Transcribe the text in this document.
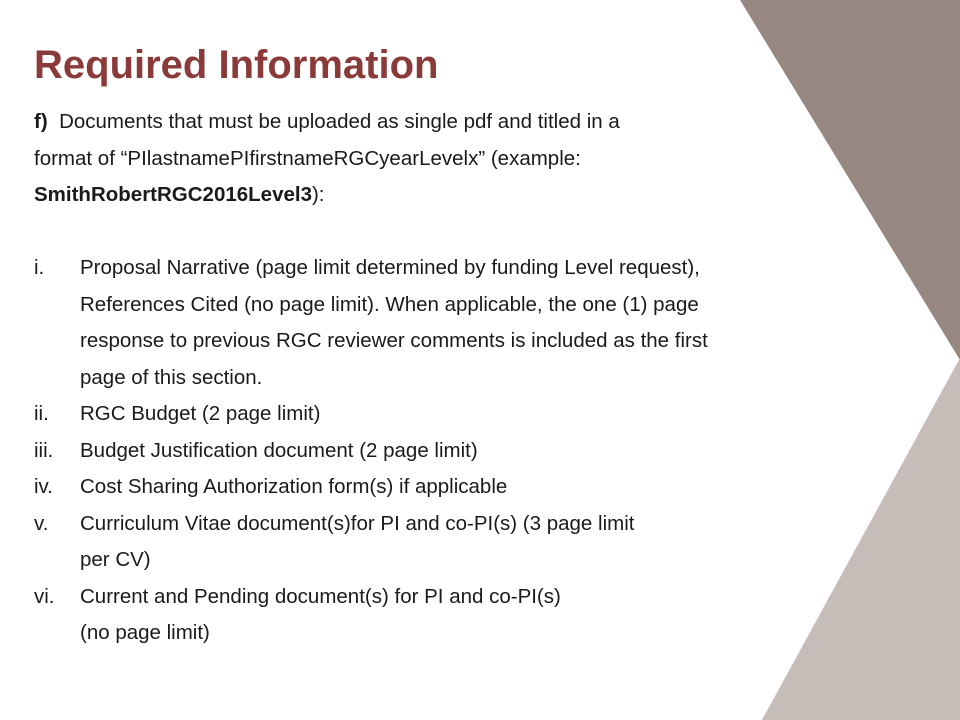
Required Information
f) Documents that must be uploaded as single pdf and titled in a
format of “PIlastnamePIfirstnameRGCyearLevelx” (example:
SmithRobertRGC2016Level3):
i. Proposal Narrative (page limit determined by funding Level request),
References Cited (no page limit). When applicable, the one (1) page
response to previous RGC reviewer comments is included as the first
page of this section.
ii. RGC Budget (2 page limit)
iii. Budget Justification document (2 page limit)
iv. Cost Sharing Authorization form(s) if applicable
v. Curriculum Vitae document(s)for PI and co-PI(s) (3 page limit
per CV)
vi. Current and Pending document(s) for PI and co-PI(s)
(no page limit)
